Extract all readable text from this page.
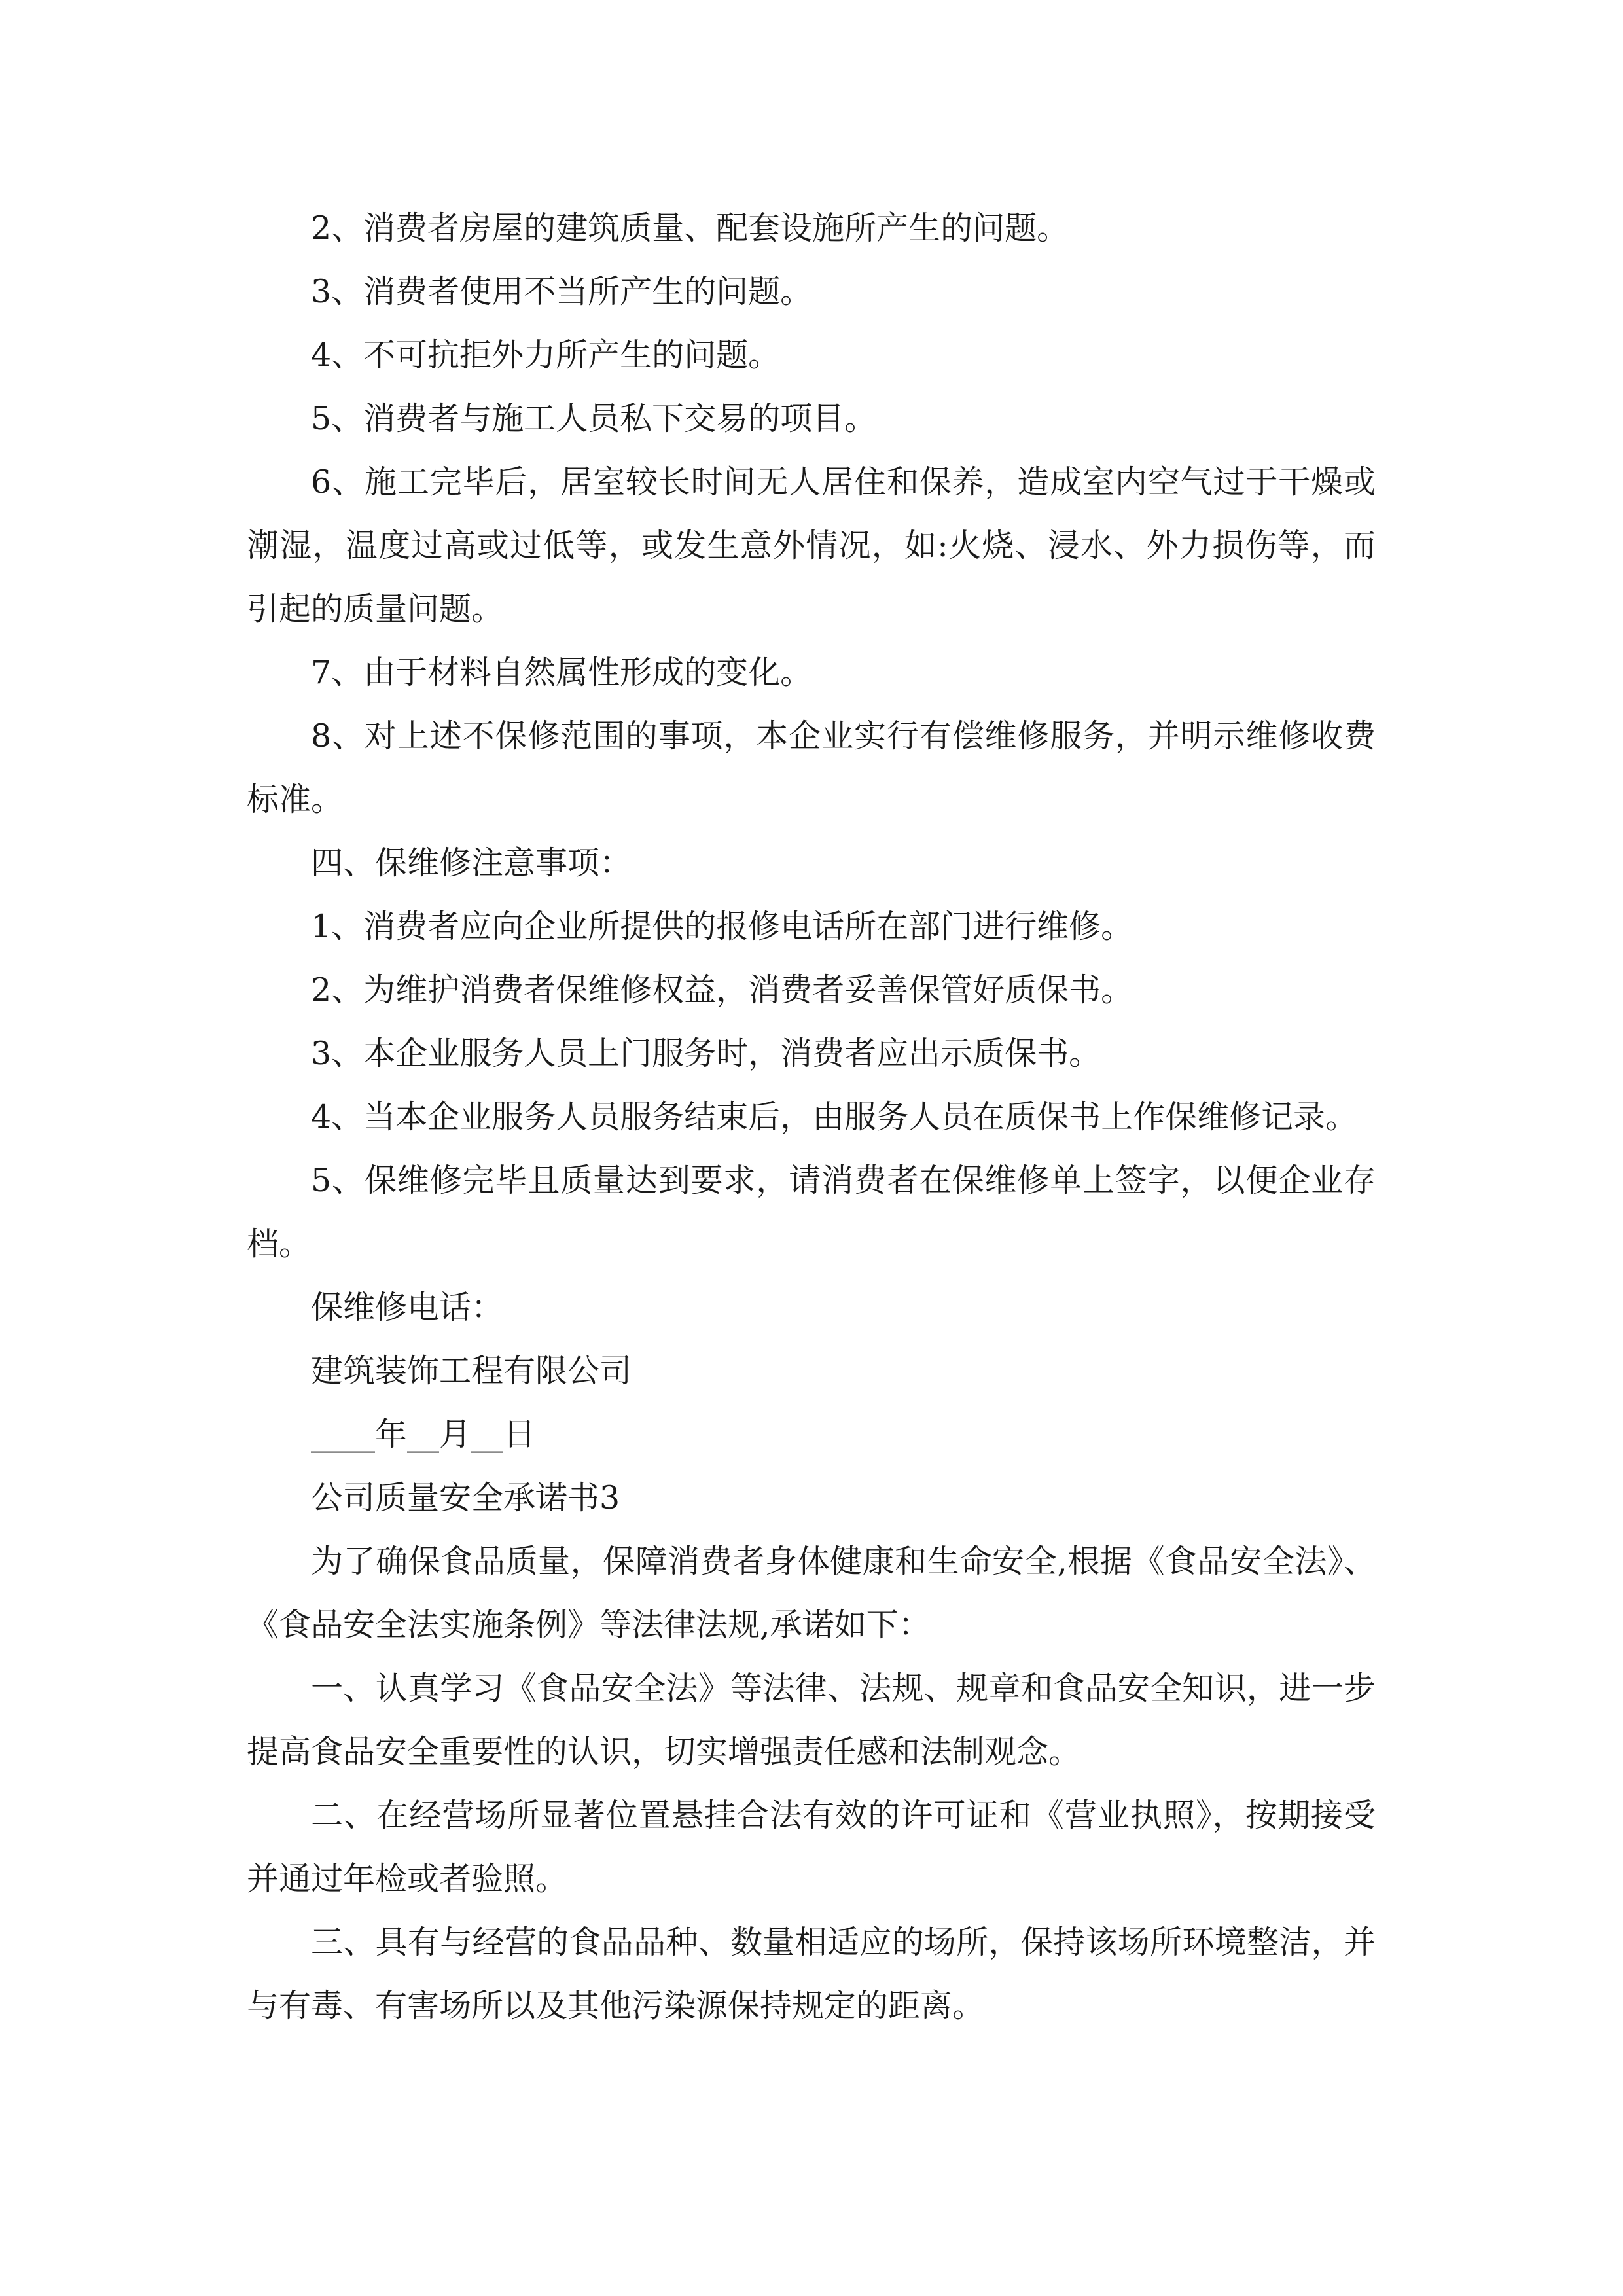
2、消费者房屋的建筑质量、配套设施所产生的问题。

3、消费者使用不当所产生的问题。

4、不可抗拒外力所产生的问题。

5、消费者与施工人员私下交易的项目。

6、施工完毕后，居室较长时间无人居住和保养，造成室内空气过于干燥或潮湿，温度过高或过低等，或发生意外情况，如:火烧、浸水、外力损伤等，而引起的质量问题。

7、由于材料自然属性形成的变化。

8、对上述不保修范围的事项，本企业实行有偿维修服务，并明示维修收费标准。

四、保维修注意事项：

1、消费者应向企业所提供的报修电话所在部门进行维修。

2、为维护消费者保维修权益，消费者妥善保管好质保书。

3、本企业服务人员上门服务时，消费者应出示质保书。

4、当本企业服务人员服务结束后，由服务人员在质保书上作保维修记录。

5、保维修完毕且质量达到要求，请消费者在保维修单上签字，以便企业存档。

保维修电话：

建筑装饰工程有限公司

____年__月__日

公司质量安全承诺书3

为了确保食品质量，保障消费者身体健康和生命安全,根据《食品安全法》、《食品安全法实施条例》等法律法规,承诺如下：

一、认真学习《食品安全法》等法律、法规、规章和食品安全知识，进一步提高食品安全重要性的认识，切实增强责任感和法制观念。

二、在经营场所显著位置悬挂合法有效的许可证和《营业执照》，按期接受并通过年检或者验照。

三、具有与经营的食品品种、数量相适应的场所，保持该场所环境整洁，并与有毒、有害场所以及其他污染源保持规定的距离。
